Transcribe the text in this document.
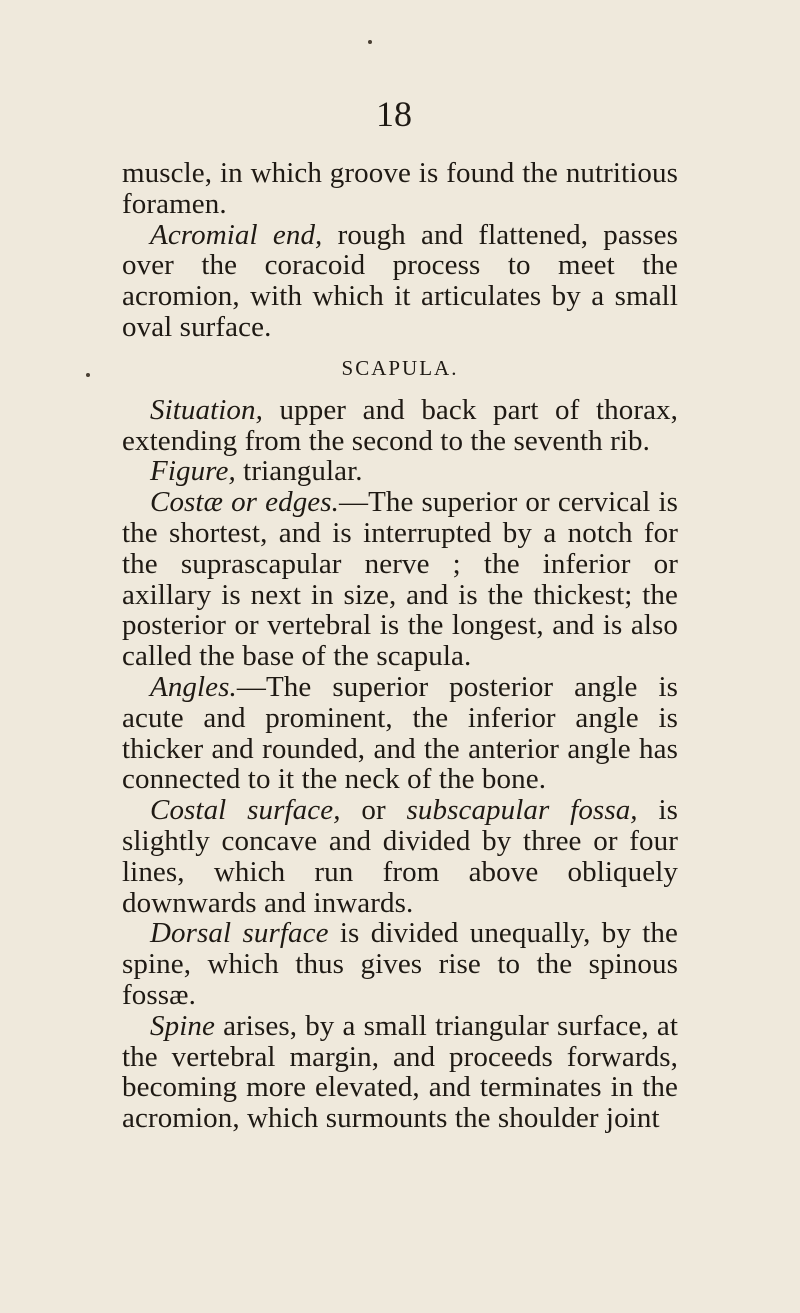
18

muscle, in which groove is found the nutritious foramen.

Acromial end, rough and flattened, passes over the coracoid process to meet the acromion, with which it articulates by a small oval surface.

SCAPULA.

Situation, upper and back part of thorax, extending from the second to the seventh rib.

Figure, triangular.

Costæ or edges.—The superior or cervical is the shortest, and is interrupted by a notch for the suprascapular nerve ; the inferior or axillary is next in size, and is the thickest; the posterior or vertebral is the longest, and is also called the base of the scapula.

Angles.—The superior posterior angle is acute and prominent, the inferior angle is thicker and rounded, and the anterior angle has connected to it the neck of the bone.

Costal surface, or subscapular fossa, is slightly concave and divided by three or four lines, which run from above obliquely downwards and inwards.

Dorsal surface is divided unequally, by the spine, which thus gives rise to the spinous fossæ.

Spine arises, by a small triangular surface, at the vertebral margin, and proceeds forwards, becoming more elevated, and terminates in the acromion, which surmounts the shoulder joint
